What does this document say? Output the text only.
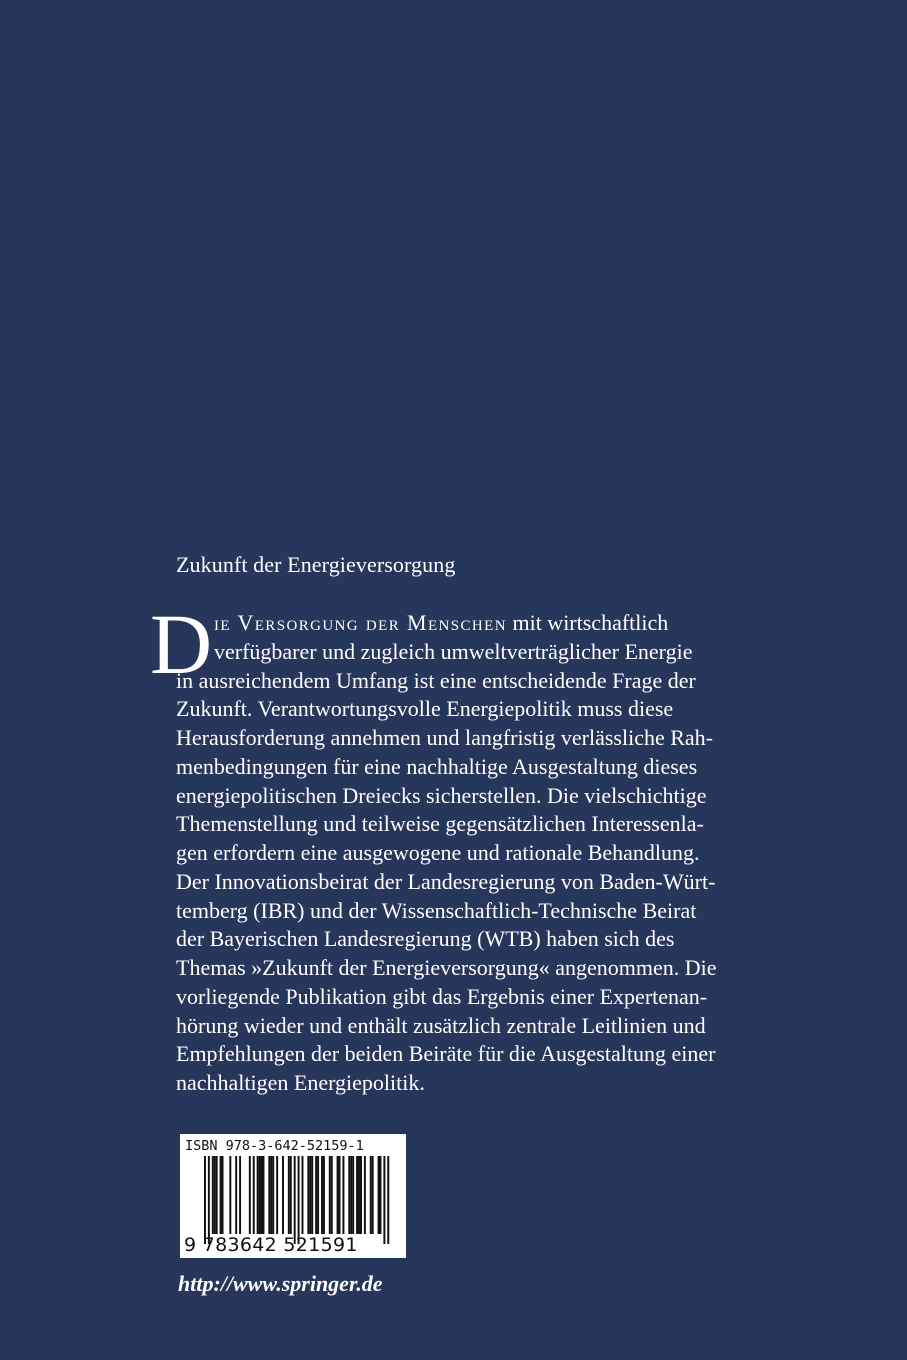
Zukunft der Energieversorgung
D ie Versorgung der Menschen mit wirtschaftlich
verfügbarer und zugleich umweltverträglicher Energie
in ausreichendem Umfang ist eine entscheidende Frage der
Zukunft. Verantwortungsvolle Energiepolitik muss diese
Herausforderung annehmen und langfristig verlässliche Rah-
menbedingungen für eine nachhaltige Ausgestaltung dieses
energiepolitischen Dreiecks sicherstellen. Die vielschichtige
Themenstellung und teilweise gegensätzlichen Interessenla-
gen erfordern eine ausgewogene und rationale Behandlung.
Der Innovationsbeirat der Landesregierung von Baden-Würt-
temberg (IBR) und der Wissenschaftlich-Technische Beirat
der Bayerischen Landesregierung (WTB) haben sich des
Themas »Zukunft der Energieversorgung« angenommen. Die
vorliegende Publikation gibt das Ergebnis einer Expertenan-
hörung wieder und enthält zusätzlich zentrale Leitlinien und
Empfehlungen der beiden Beiräte für die Ausgestaltung einer
nachhaltigen Energiepolitik.
ISBN 978-3-642-52159-1
9 783642 521591
http://www.springer.de
